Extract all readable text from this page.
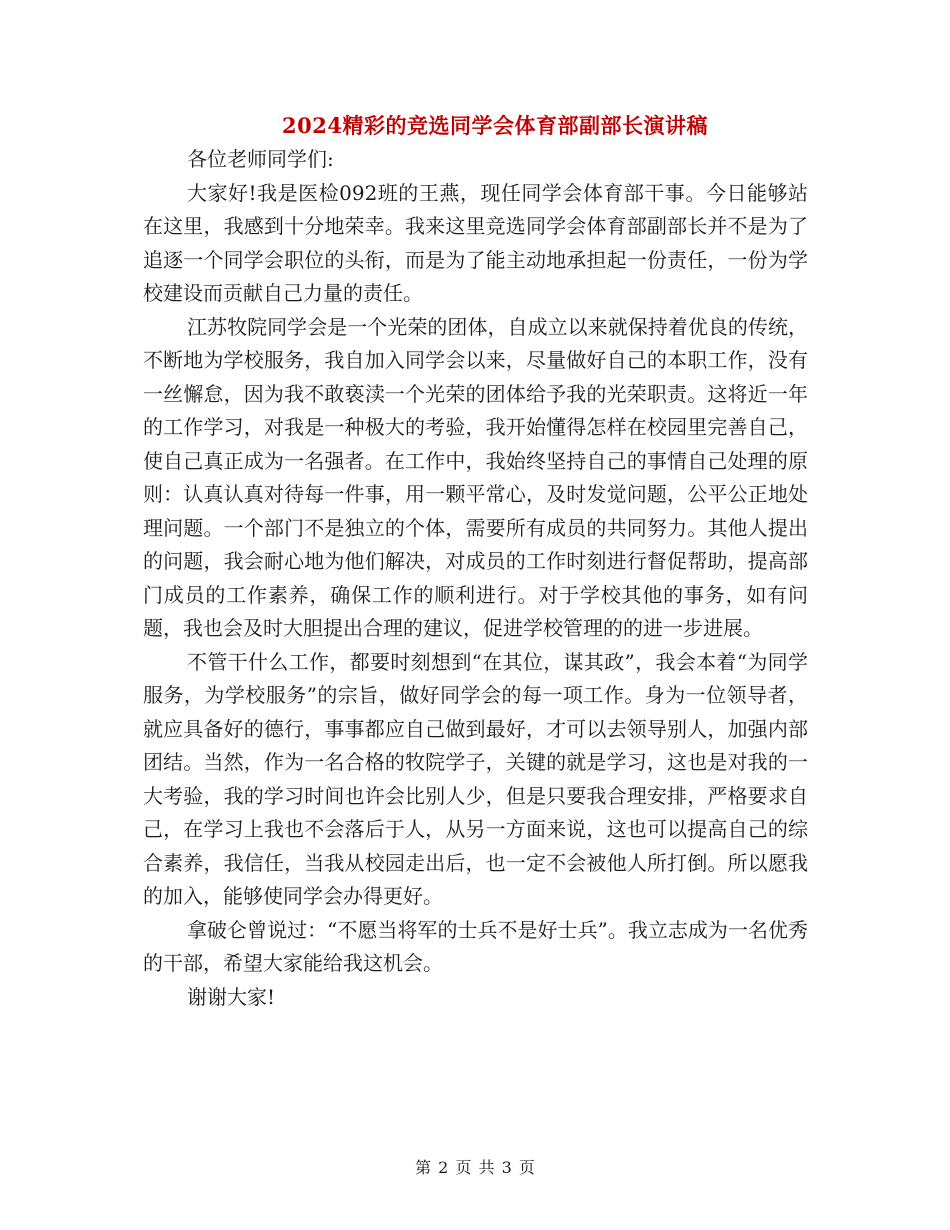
2024精彩的竞选同学会体育部副部长演讲稿

各位老师同学们:

大家好!我是医检092班的王燕，现任同学会体育部干事。今日能够站在这里，我感到十分地荣幸。我来这里竞选同学会体育部副部长并不是为了追逐一个同学会职位的头衔，而是为了能主动地承担起一份责任，一份为学校建设而贡献自己力量的责任。

江苏牧院同学会是一个光荣的团体，自成立以来就保持着优良的传统，不断地为学校服务，我自加入同学会以来，尽量做好自己的本职工作，没有一丝懈怠，因为我不敢亵渎一个光荣的团体给予我的光荣职责。这将近一年的工作学习，对我是一种极大的考验，我开始懂得怎样在校园里完善自己，使自己真正成为一名强者。在工作中，我始终坚持自己的事情自己处理的原则：认真认真对待每一件事，用一颗平常心，及时发觉问题，公平公正地处理问题。一个部门不是独立的个体，需要所有成员的共同努力。其他人提出的问题，我会耐心地为他们解决，对成员的工作时刻进行督促帮助，提高部门成员的工作素养，确保工作的顺利进行。对于学校其他的事务，如有问题，我也会及时大胆提出合理的建议，促进学校管理的的进一步进展。

不管干什么工作，都要时刻想到“在其位，谋其政”，我会本着“为同学服务，为学校服务”的宗旨，做好同学会的每一项工作。身为一位领导者，就应具备好的德行，事事都应自己做到最好，才可以去领导别人，加强内部团结。当然，作为一名合格的牧院学子，关键的就是学习，这也是对我的一大考验，我的学习时间也许会比别人少，但是只要我合理安排，严格要求自己，在学习上我也不会落后于人，从另一方面来说，这也可以提高自己的综合素养，我信任，当我从校园走出后，也一定不会被他人所打倒。所以愿我的加入，能够使同学会办得更好。

拿破仑曾说过：“不愿当将军的士兵不是好士兵”。我立志成为一名优秀的干部，希望大家能给我这机会。

谢谢大家!

第 2 页 共 3 页
